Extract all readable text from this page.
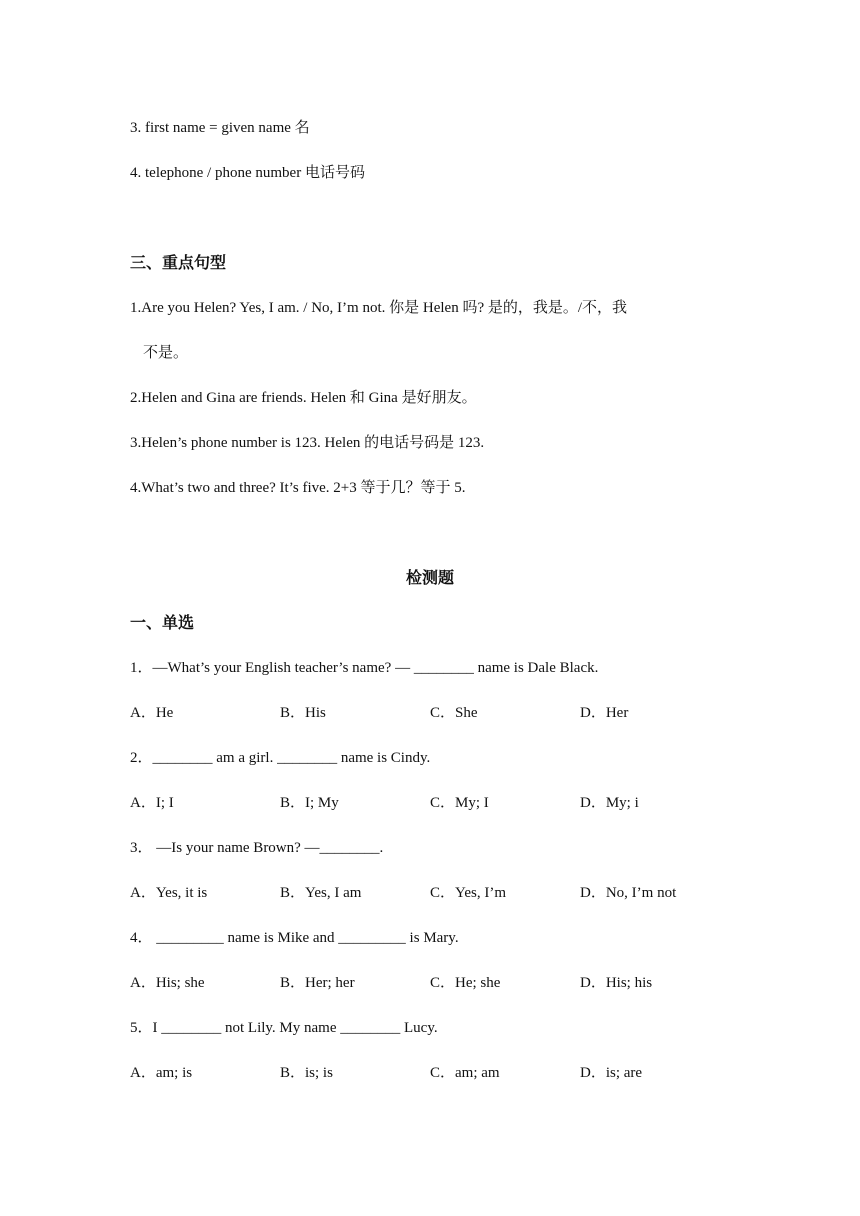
3. first name = given name 名
4. telephone / phone number 电话号码
三、重点句型
1.Are you Helen? Yes, I am. / No, I’m not. 你是 Helen 吗? 是的，我是。/不，我
不是。
2.Helen and Gina are friends. Helen 和 Gina 是好朋友。
3.Helen’s phone number is 123. Helen 的电话号码是 123.
4.What’s two and three? It’s five. 2+3 等于几？等于 5.
检测题
一、单选
1．—What’s your English teacher’s name? — ________ name is Dale Black.
A．He	B．His	C．She	D．Her
2．________ am a girl. ________ name is Cindy.
A．I; I	B．I; My	C．My; I	D．My; i
3． —Is your name Brown? —________.
A．Yes, it is	B．Yes, I am	C．Yes, I’m	D．No, I’m not
4． _________ name is Mike and _________ is Mary.
A．His; she	B．Her; her	C．He; she	D．His; his
5．I ________ not Lily. My name ________ Lucy.
A．am; is	B．is; is	C．am; am	D．is; are
